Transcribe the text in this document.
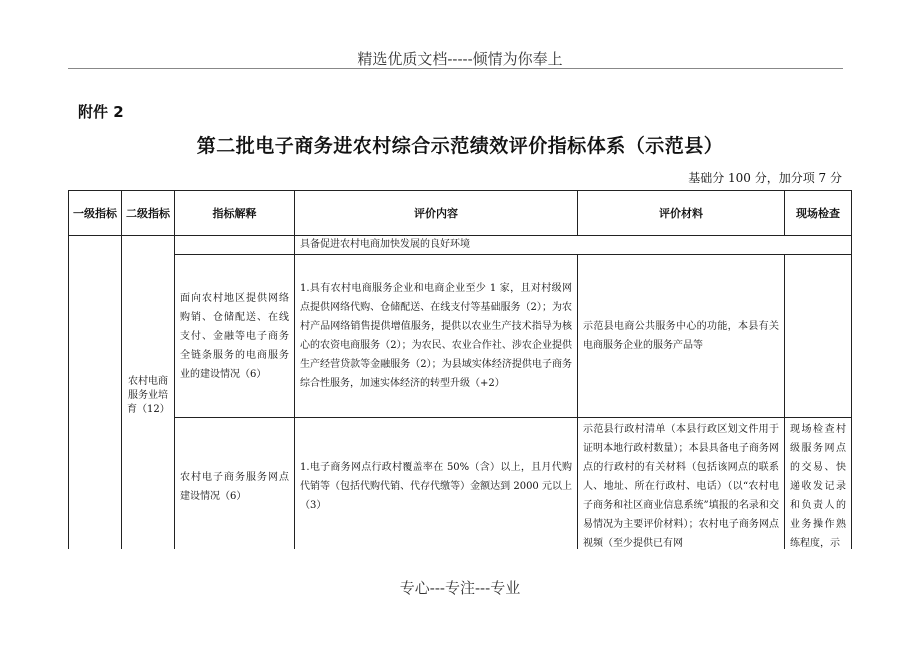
精选优质文档-----倾情为你奉上
附件 2
第二批电子商务进农村综合示范绩效评价指标体系（示范县）
基础分 100 分，加分项 7 分
一级指标	二级指标	指标解释	评价内容	评价材料	现场检查
	农村电商服务业培育（12）		具备促进农村电商加快发展的良好环境		
		面向农村地区提供网络购销、仓储配送、在线支付、金融等电子商务全链条服务的电商服务业的建设情况（6）	1.具有农村电商服务企业和电商企业至少 1 家，且对村级网点提供网络代购、仓储配送、在线支付等基础服务（2）；为农村产品网络销售提供增值服务，提供以农业生产技术指导为核心的农资电商服务（2）；为农民、农业合作社、涉农企业提供生产经营贷款等金融服务（2）；为县域实体经济提供电子商务综合性服务，加速实体经济的转型升级（+2）	示范县电商公共服务中心的功能，本县有关电商服务企业的服务产品等	
		农村电子商务服务网点建设情况（6）	1.电子商务网点行政村覆盖率在 50%（含）以上，且月代购代销等（包括代购代销、代存代缴等）金额达到 2000 元以上（3）	示范县行政村清单（本县行政区划文件用于证明本地行政村数量）；本县具备电子商务网点的行政村的有关材料（包括该网点的联系人、地址、所在行政村、电话）（以“农村电子商务和社区商业信息系统”填报的名录和交易情况为主要评价材料）；农村电子商务网点视频（至少提供已有网	现场检查村级服务网点的交易、快递收发记录和负责人的业务操作熟练程度，示
专心---专注---专业
